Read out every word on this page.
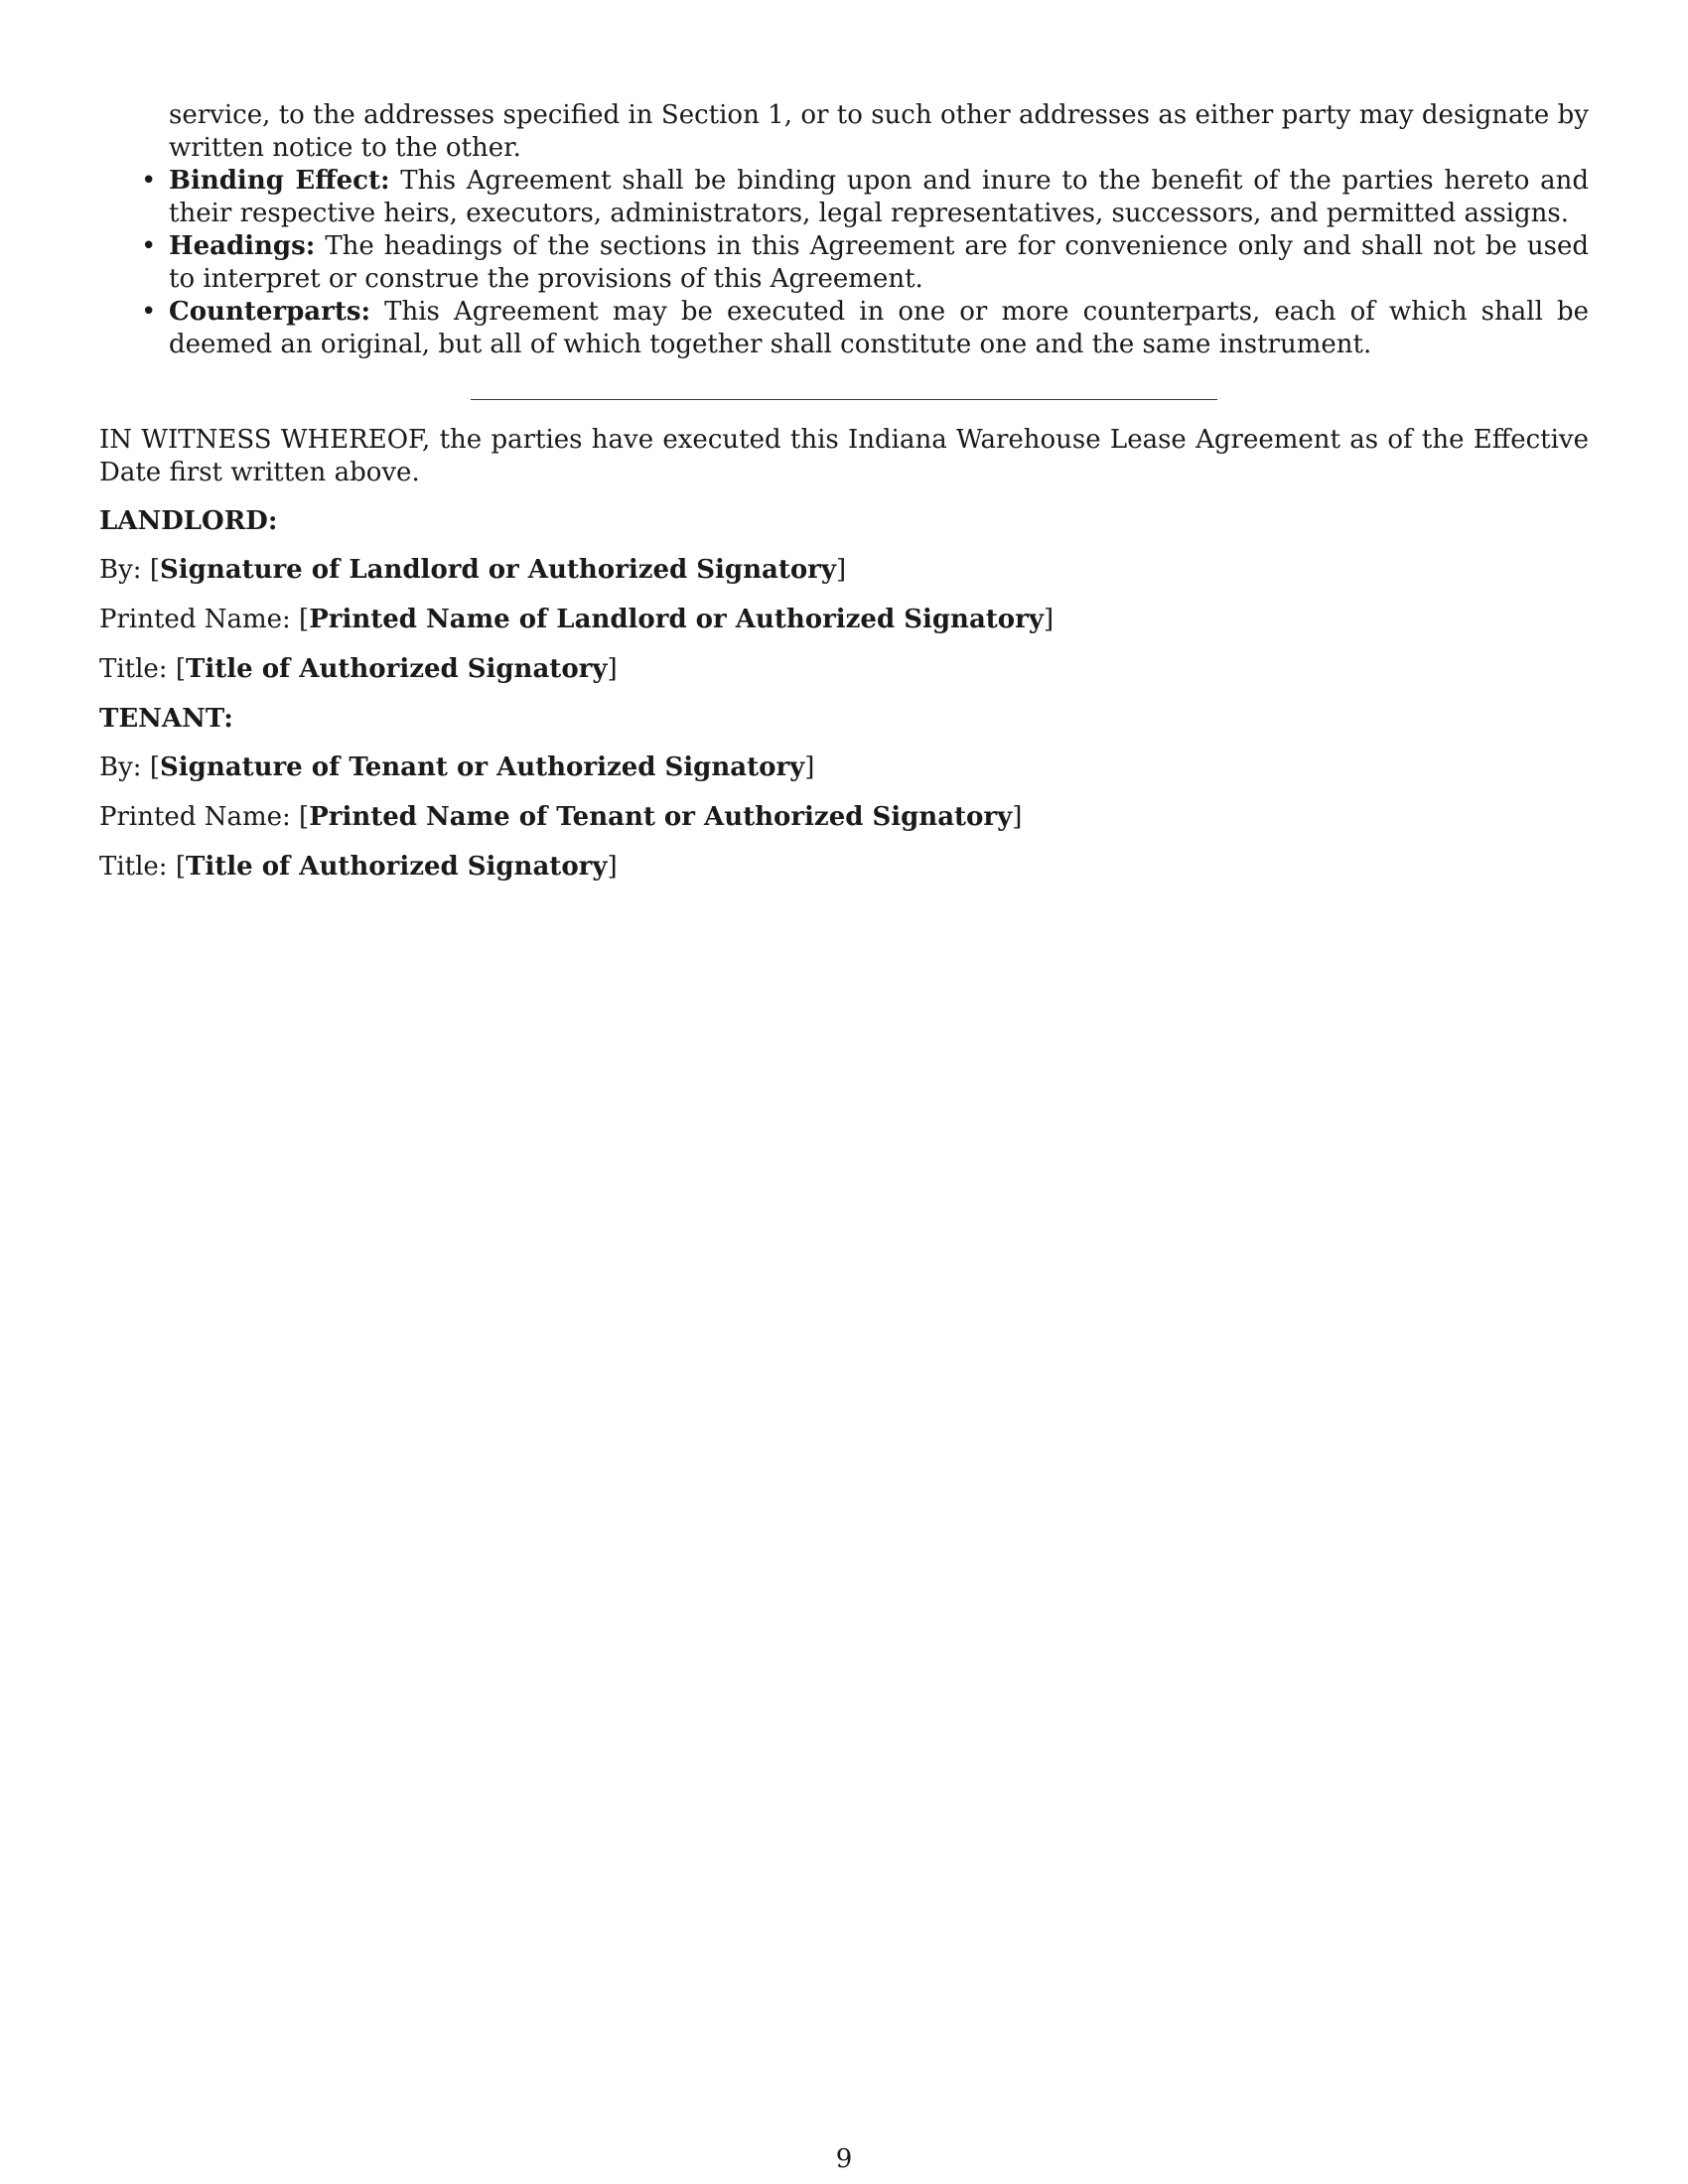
service, to the addresses specified in Section 1, or to such other addresses as either party may designate by written notice to the other.
• Binding Effect: This Agreement shall be binding upon and inure to the benefit of the parties hereto and their respective heirs, executors, administrators, legal representatives, successors, and permitted assigns.
• Headings: The headings of the sections in this Agreement are for convenience only and shall not be used to interpret or construe the provisions of this Agreement.
• Counterparts: This Agreement may be executed in one or more counterparts, each of which shall be deemed an original, but all of which together shall constitute one and the same instrument.

IN WITNESS WHEREOF, the parties have executed this Indiana Warehouse Lease Agreement as of the Effective Date first written above.

LANDLORD:

By: [Signature of Landlord or Authorized Signatory]

Printed Name: [Printed Name of Landlord or Authorized Signatory]

Title: [Title of Authorized Signatory]

TENANT:

By: [Signature of Tenant or Authorized Signatory]

Printed Name: [Printed Name of Tenant or Authorized Signatory]

Title: [Title of Authorized Signatory]

9
